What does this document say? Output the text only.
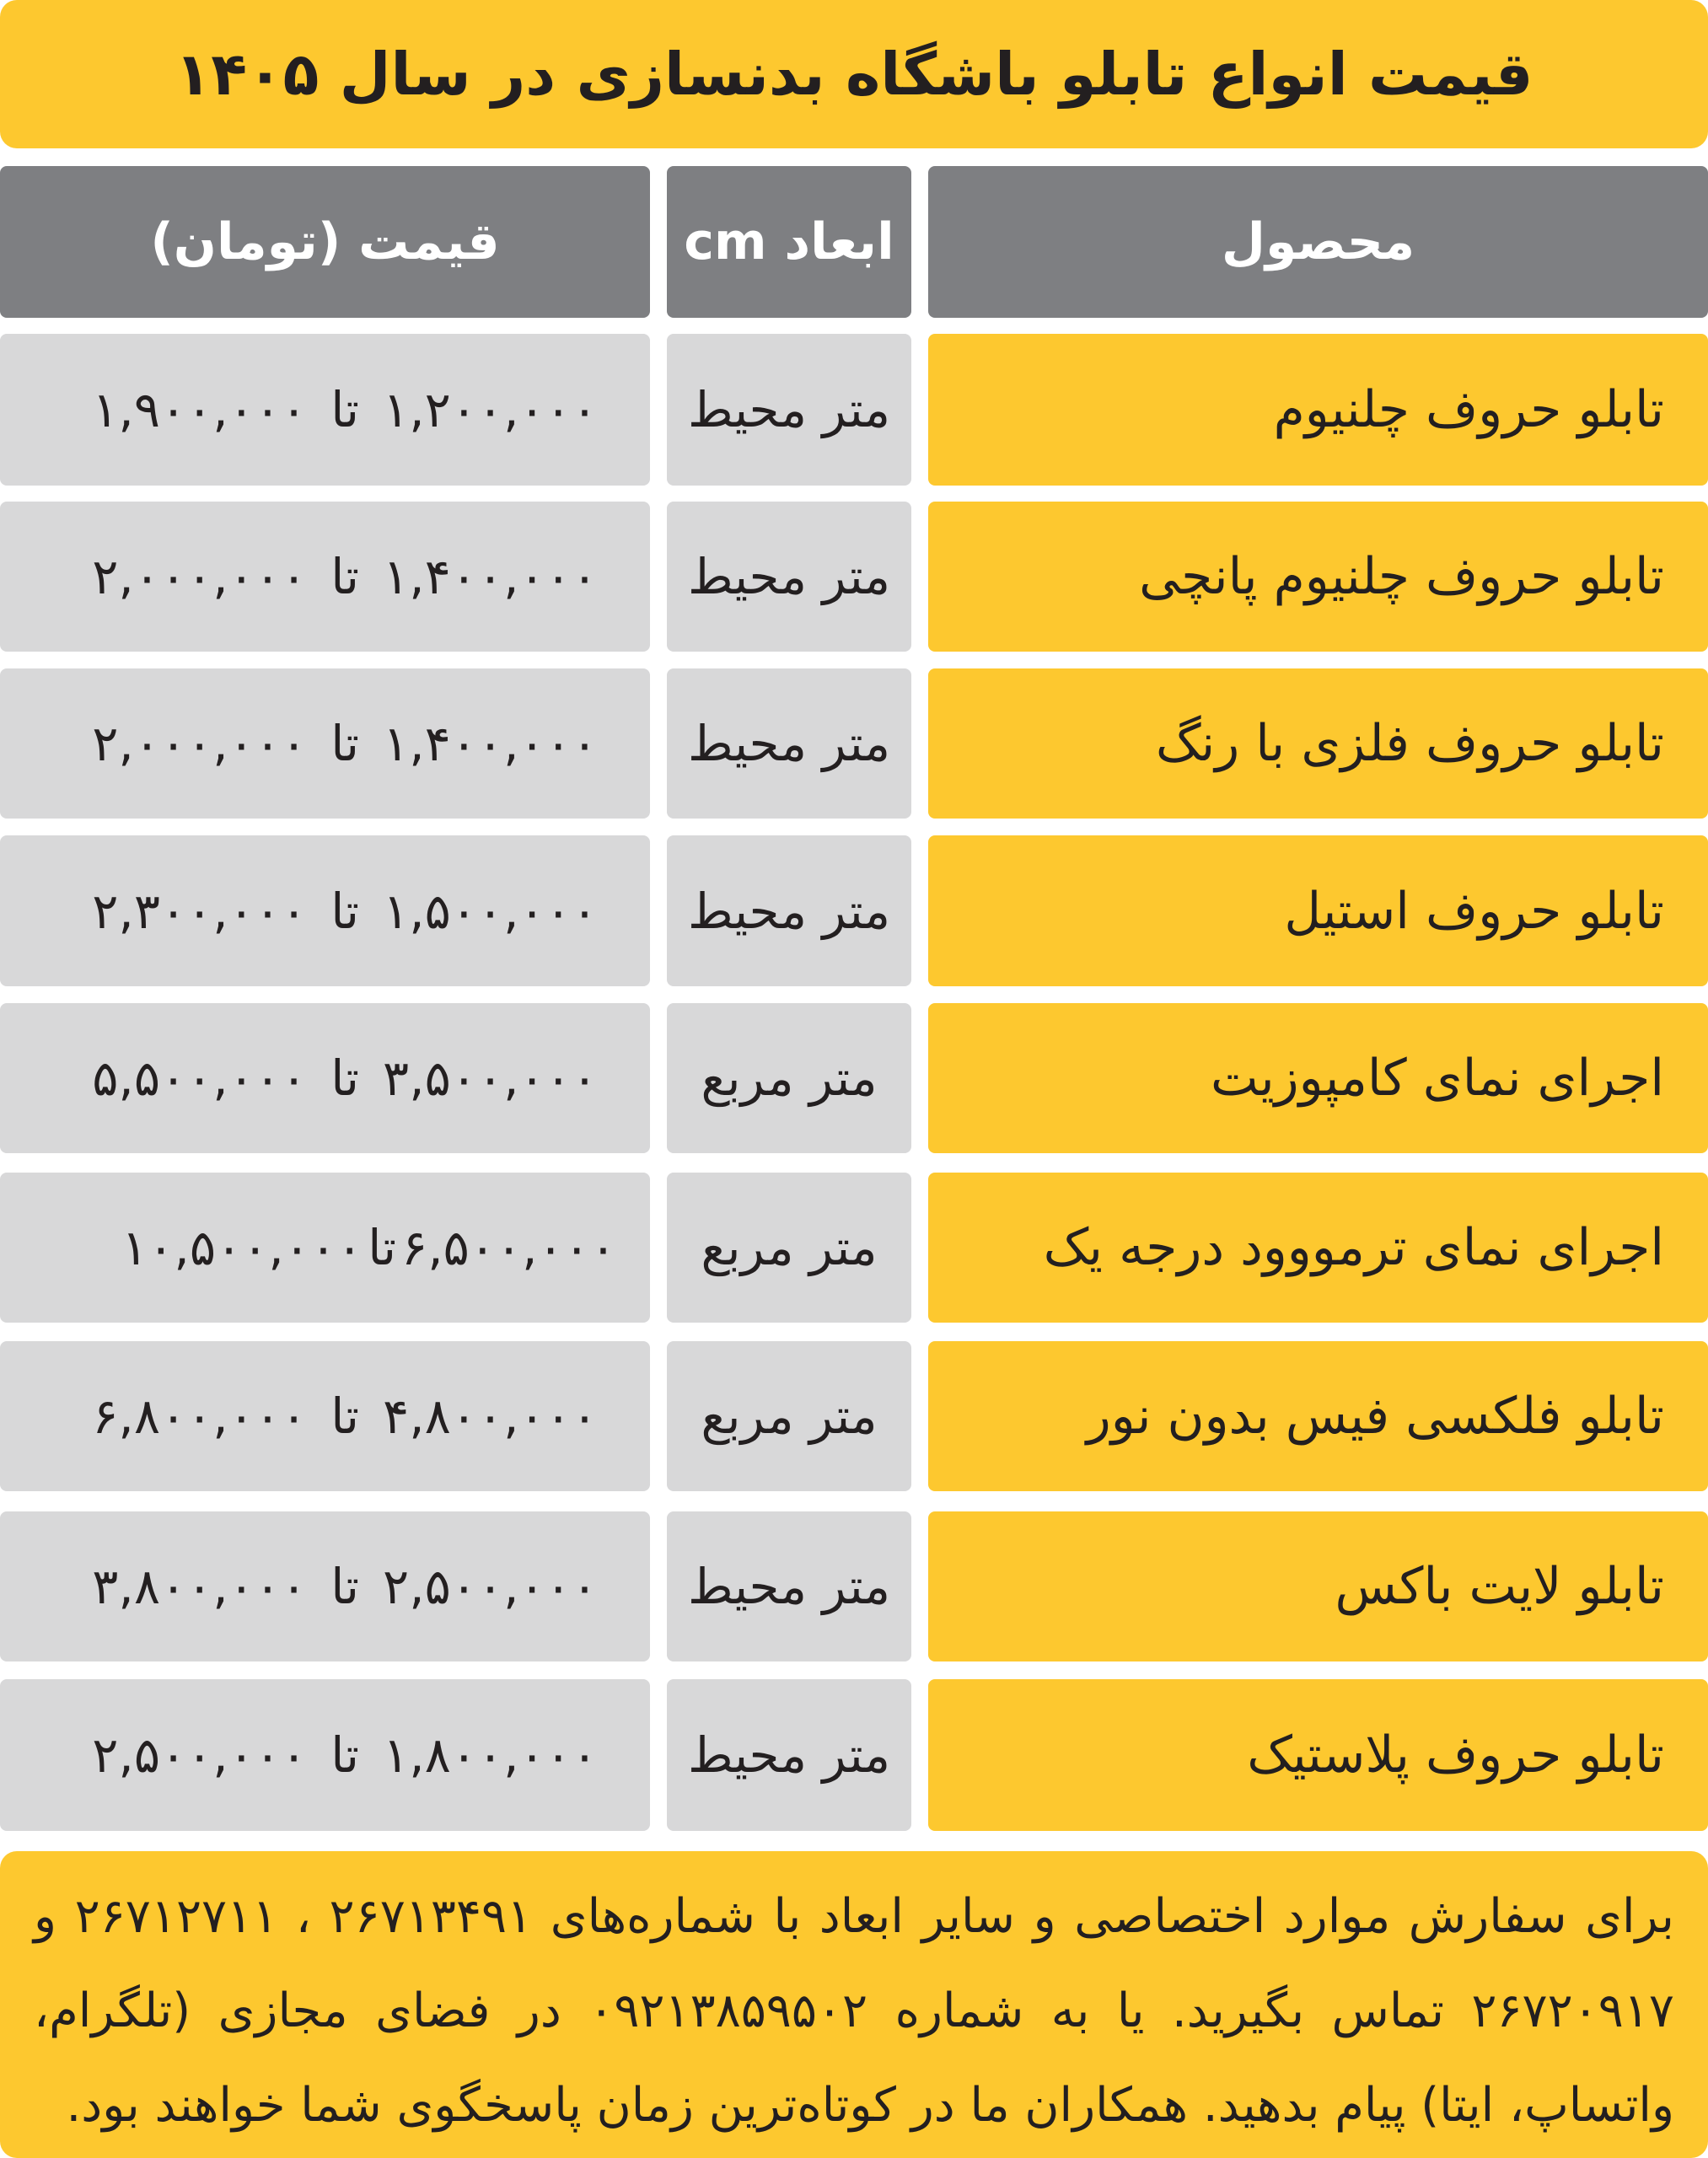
قیمت انواع تابلو باشگاه بدنسازی در سال ۱۴۰۵
محصول
ابعاد cm
قیمت (تومان)
تابلو حروف چلنیوم
متر محیط
۱,۲۰۰,۰۰۰
تا
۱,۹۰۰,۰۰۰
تابلو حروف چلنیوم پانچی
متر محیط
۱,۴۰۰,۰۰۰
تا
۲,۰۰۰,۰۰۰
تابلو حروف فلزی با رنگ
متر محیط
۱,۴۰۰,۰۰۰
تا
۲,۰۰۰,۰۰۰
تابلو حروف استیل
متر محیط
۱,۵۰۰,۰۰۰
تا
۲,۳۰۰,۰۰۰
اجرای نمای کامپوزیت
متر مربع
۳,۵۰۰,۰۰۰
تا
۵,۵۰۰,۰۰۰
اجرای نمای ترمووود درجه یک
متر مربع
۶,۵۰۰,۰۰۰
تا
۱۰,۵۰۰,۰۰۰
تابلو فلکسی فیس بدون نور
متر مربع
۴,۸۰۰,۰۰۰
تا
۶,۸۰۰,۰۰۰
تابلو لایت باکس
متر محیط
۲,۵۰۰,۰۰۰
تا
۳,۸۰۰,۰۰۰
تابلو حروف پلاستیک
متر محیط
۱,۸۰۰,۰۰۰
تا
۲,۵۰۰,۰۰۰
برای سفارش موارد اختصاصی و سایر ابعاد با شماره‌های ۲۶۷۱۳۴۹۱ ، ۲۶۷۱۲۷۱۱ و ۲۶۷۲۰۹۱۷ تماس بگیرید. یا به شماره ۰۹۲۱۳۸۵۹۵۰۲ در فضای مجازی (تلگرام، واتساپ، ایتا) پیام بدهید. همکاران ما در کوتاه‌ترین زمان پاسخگوی شما خواهند بود.
